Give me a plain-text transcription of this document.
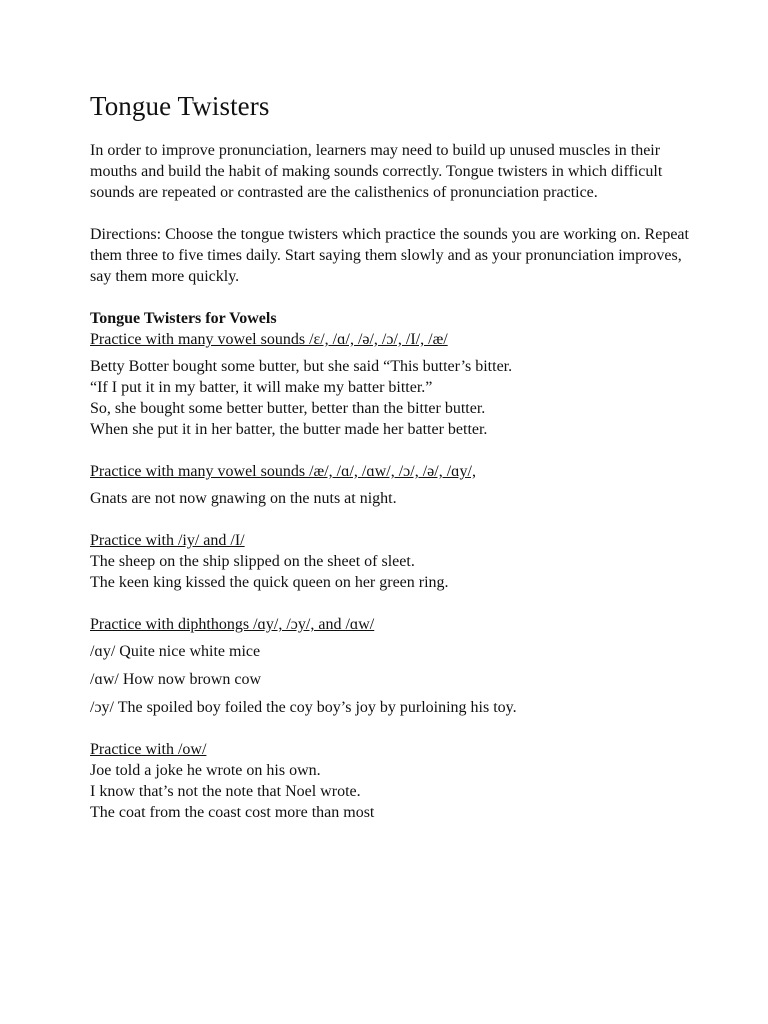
Tongue Twisters

In order to improve pronunciation, learners may need to build up unused muscles in their mouths and build the habit of making sounds correctly. Tongue twisters in which difficult sounds are repeated or contrasted are the calisthenics of pronunciation practice.

Directions: Choose the tongue twisters which practice the sounds you are working on. Repeat them three to five times daily. Start saying them slowly and as your pronunciation improves, say them more quickly.

Tongue Twisters for Vowels
Practice with many vowel sounds /ɛ/, /ɑ/, /ə/, /ɔ/, /I/, /æ/
Betty Botter bought some butter, but she said “This butter’s bitter.
“If I put it in my batter, it will make my batter bitter.”
So, she bought some better butter, better than the bitter butter.
When she put it in her batter, the butter made her batter better.
Practice with many vowel sounds /æ/, /ɑ/, /ɑw/, /ɔ/, /ə/, /ɑy/,
Gnats are not now gnawing on the nuts at night.
Practice with /iy/ and /I/
The sheep on the ship slipped on the sheet of sleet.
The keen king kissed the quick queen on her green ring.
Practice with diphthongs /ɑy/, /ɔy/, and /ɑw/
/ɑy/ Quite nice white mice
/ɑw/ How now brown cow
/ɔy/ The spoiled boy foiled the coy boy’s joy by purloining his toy.
Practice with /ow/
Joe told a joke he wrote on his own.
I know that’s not the note that Noel wrote.
The coat from the coast cost more than most
